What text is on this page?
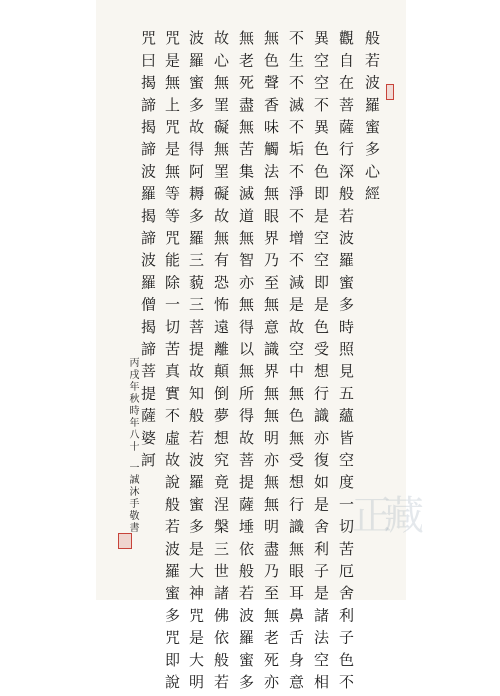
般若波羅蜜多心經
觀自在菩薩行深般若波羅蜜多時照見五蘊皆空度一切苦厄舍利子色不
異空空不異色色即是空空即是色受想行識亦復如是舍利子是諸法空相
不生不滅不垢不淨不增不減是故空中無色無受想行識無眼耳鼻舌身意
無色聲香味觸法無眼界乃至無意識界無無明亦無無明盡乃至無老死亦
無老死盡無苦集滅道無智亦無得以無所得故菩提薩埵依般若波羅蜜多
故心無罣礙無罣礙故無有恐怖遠離顛倒夢想究竟涅槃三世諸佛依般若
波羅蜜多故得阿耨多羅三藐三菩提故知般若波羅蜜多是大神咒是大明
咒是無上咒是無等等咒能除一切苦真實不虛故說般若波羅蜜多咒即說
咒曰揭諦揭諦波羅揭諦波羅僧揭諦菩提薩婆訶
丙戌年秋時年八十
一誠沐手敬書	正藏
